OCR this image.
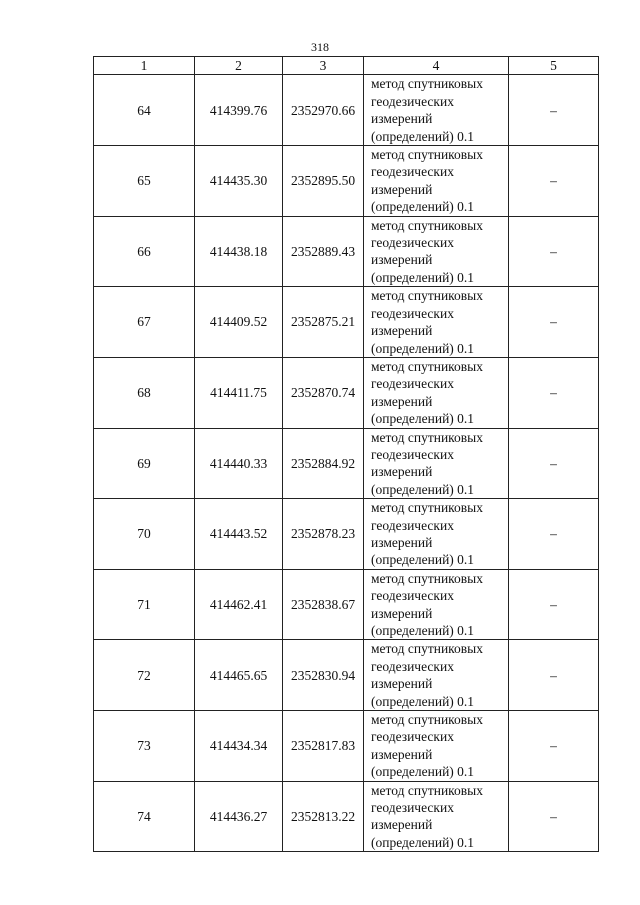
318
1	2	3	4	5
64	414399.76	2352970.66	метод спутниковых
геодезических
измерений
(определений) 0.1	–
65	414435.30	2352895.50	метод спутниковых
геодезических
измерений
(определений) 0.1	–
66	414438.18	2352889.43	метод спутниковых
геодезических
измерений
(определений) 0.1	–
67	414409.52	2352875.21	метод спутниковых
геодезических
измерений
(определений) 0.1	–
68	414411.75	2352870.74	метод спутниковых
геодезических
измерений
(определений) 0.1	–
69	414440.33	2352884.92	метод спутниковых
геодезических
измерений
(определений) 0.1	–
70	414443.52	2352878.23	метод спутниковых
геодезических
измерений
(определений) 0.1	–
71	414462.41	2352838.67	метод спутниковых
геодезических
измерений
(определений) 0.1	–
72	414465.65	2352830.94	метод спутниковых
геодезических
измерений
(определений) 0.1	–
73	414434.34	2352817.83	метод спутниковых
геодезических
измерений
(определений) 0.1	–
74	414436.27	2352813.22	метод спутниковых
геодезических
измерений
(определений) 0.1	–
